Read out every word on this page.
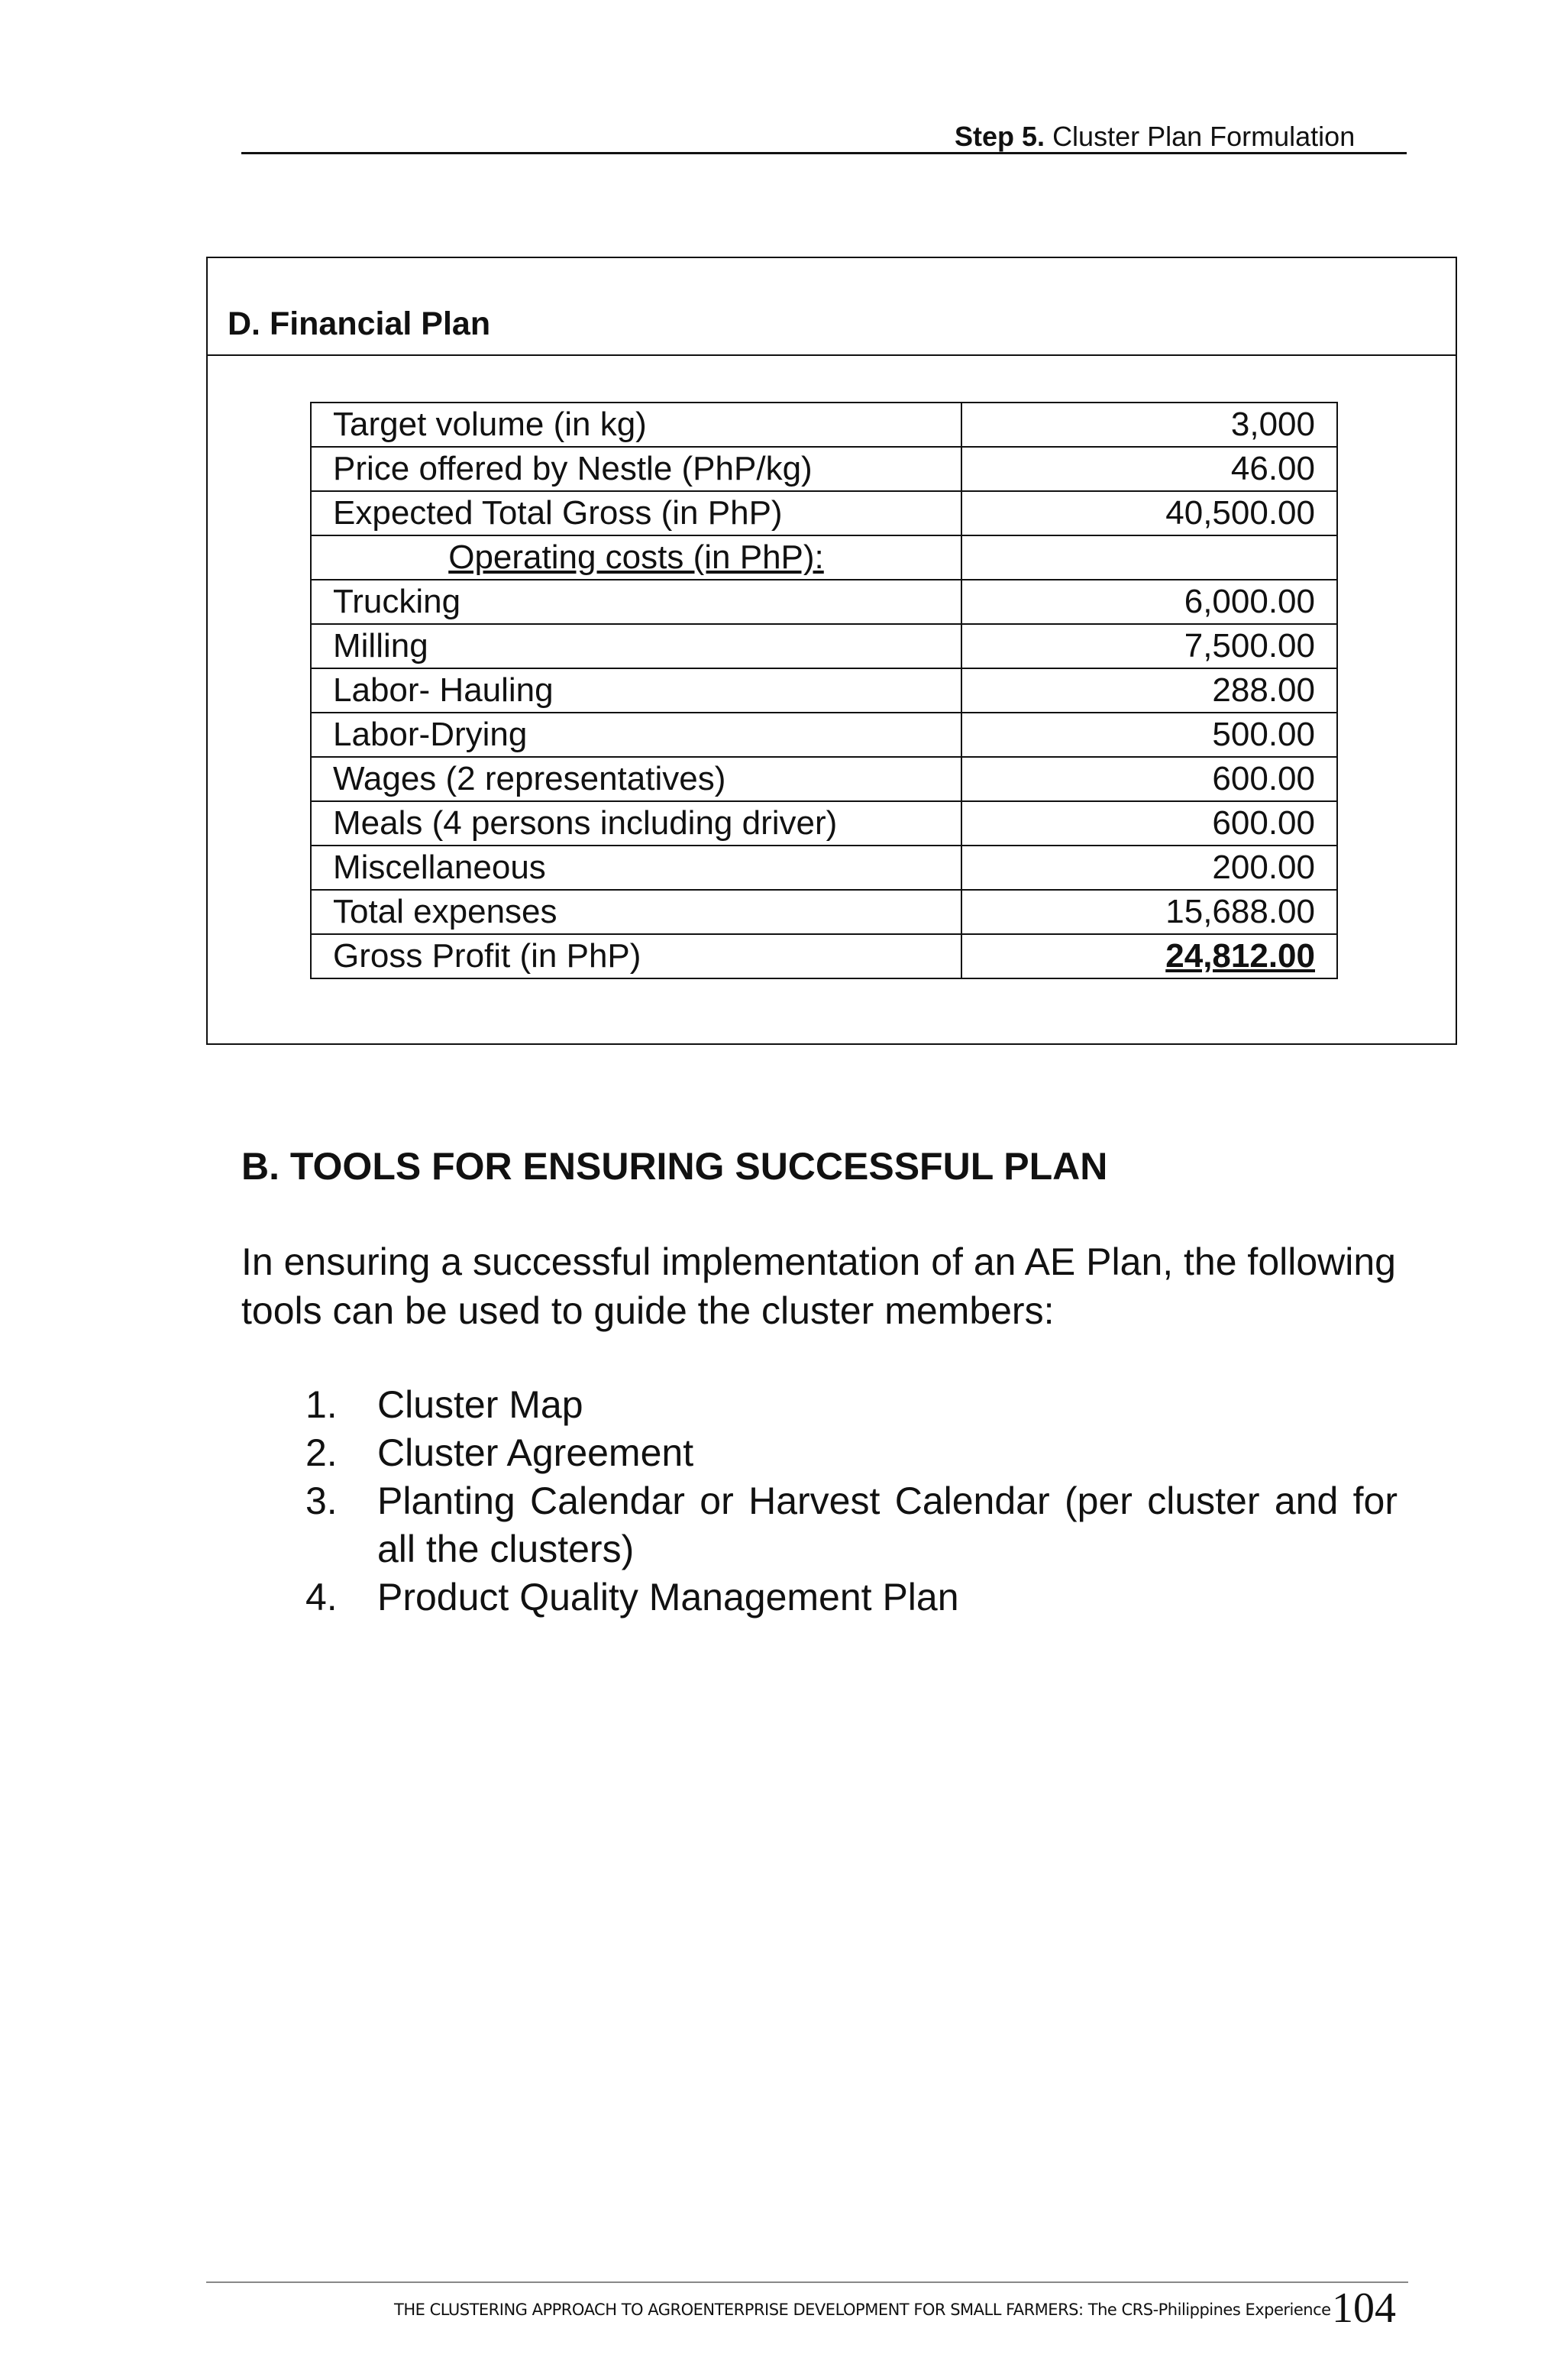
Step 5. Cluster Plan Formulation
D. Financial Plan
Target volume (in kg)	3,000
Price offered by Nestle (PhP/kg)	46.00
Expected Total Gross (in PhP)	40,500.00
Operating costs (in PhP):	
Trucking	6,000.00
Milling	7,500.00
Labor- Hauling	288.00
Labor-Drying	500.00
Wages (2 representatives)	600.00
Meals (4 persons including driver)	600.00
Miscellaneous	200.00
Total expenses	15,688.00
Gross Profit (in PhP)	24,812.00
B. TOOLS FOR ENSURING SUCCESSFUL PLAN
In ensuring a successful implementation of an AE Plan, the following tools can be used to guide the cluster members:
1. Cluster Map
2. Cluster Agreement
3. Planting Calendar or Harvest Calendar (per cluster and for all the clusters)
4. Product Quality Management Plan
THE CLUSTERING APPROACH TO AGROENTERPRISE DEVELOPMENT FOR SMALL FARMERS: The CRS-Philippines Experience 104
